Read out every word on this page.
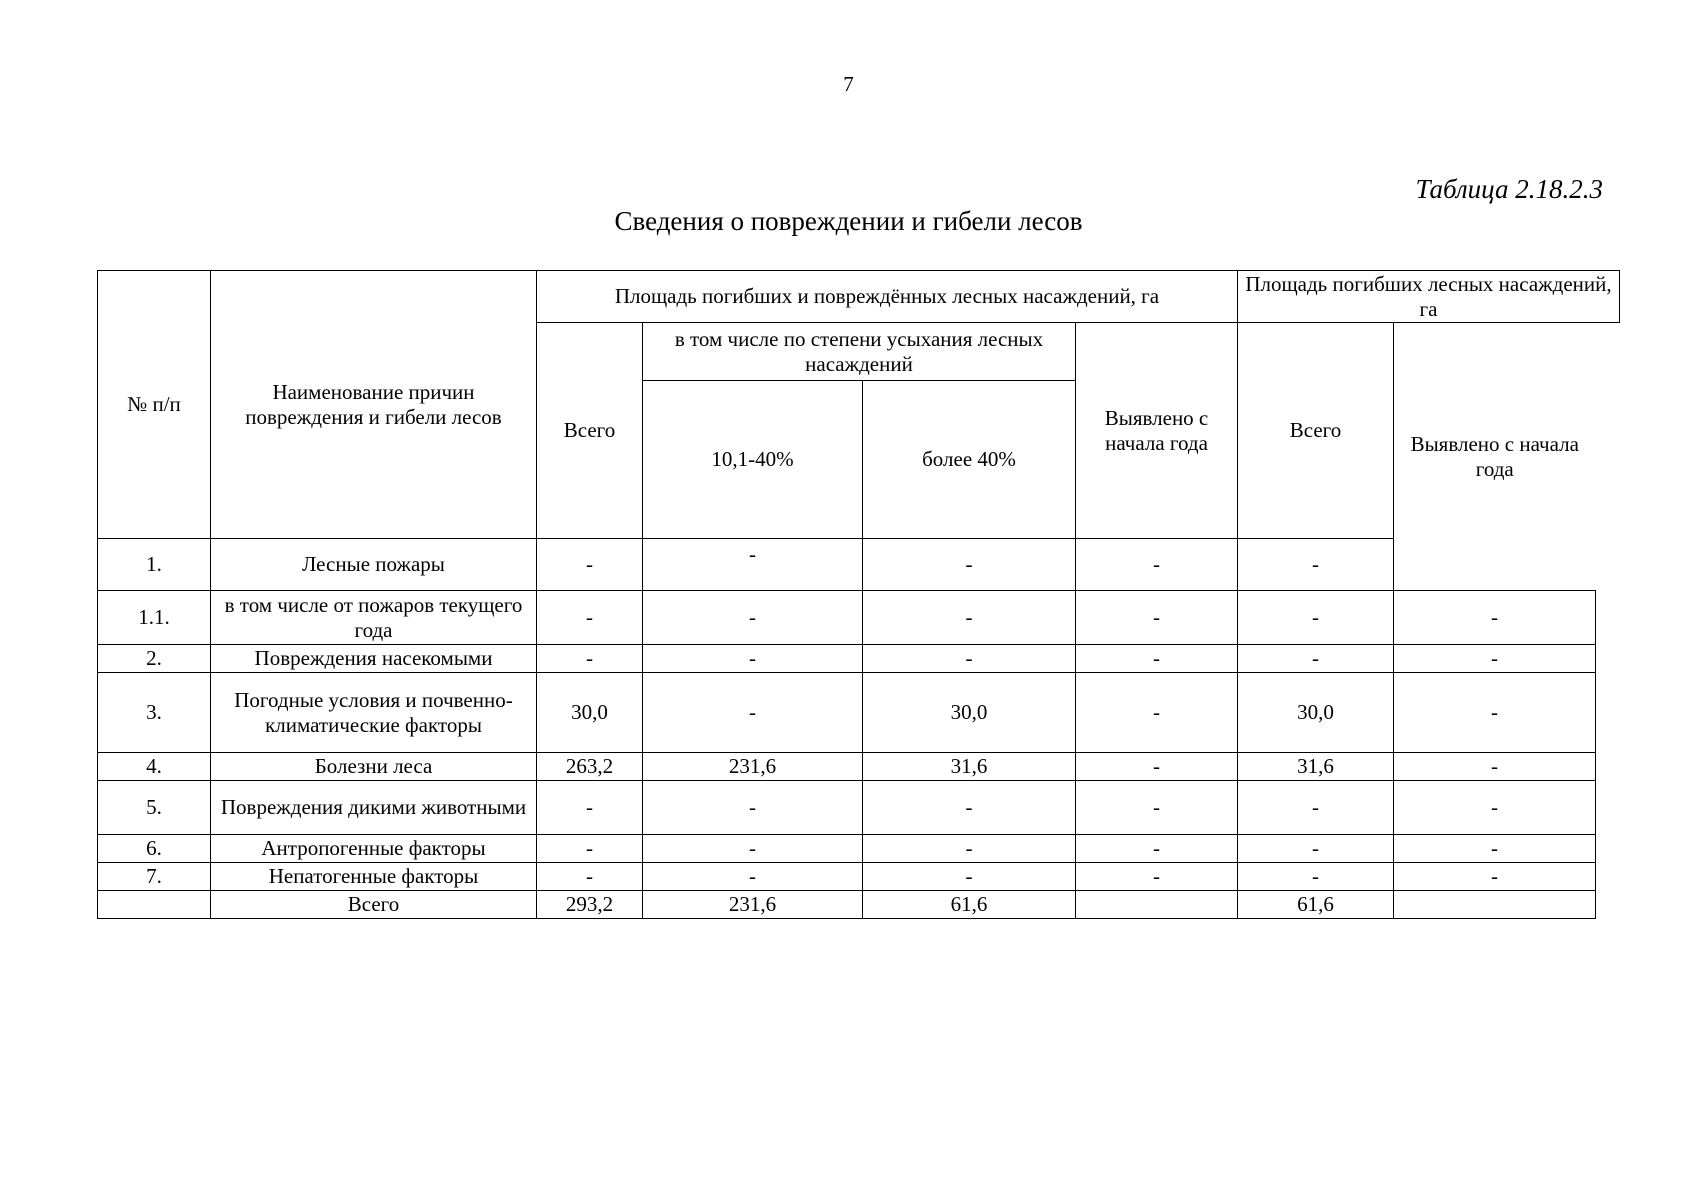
7
Таблица 2.18.2.3
Сведения о повреждении и гибели лесов
№ п/п	Наименование причин повреждения и гибели лесов	Площадь погибших и повреждённых лесных насаждений, га				Площадь погибших лесных насаждений, га		
		Всего	в том числе по степени усыхания лесных насаждений		Выявлено с начала года	Всего	Выявлено с начала года	
			10,1-40%	более 40%				

1.	Лесные пожары	-	-	-	-	-		
1.1.	в том числе от пожаров текущего года	-	-	-	-	-	-	
2.	Повреждения насекомыми	-	-	-	-	-	-	
3.	Погодные условия и почвенно-климатические факторы	30,0	-	30,0	-	30,0	-	
4.	Болезни леса	263,2	231,6	31,6	-	31,6	-	
5.	Повреждения дикими животными	-	-	-	-	-	-	
6.	Антропогенные факторы	-	-	-	-	-	-	
7.	Непатогенные факторы	-	-	-	-	-	-	
	Всего	293,2	231,6	61,6		61,6		
